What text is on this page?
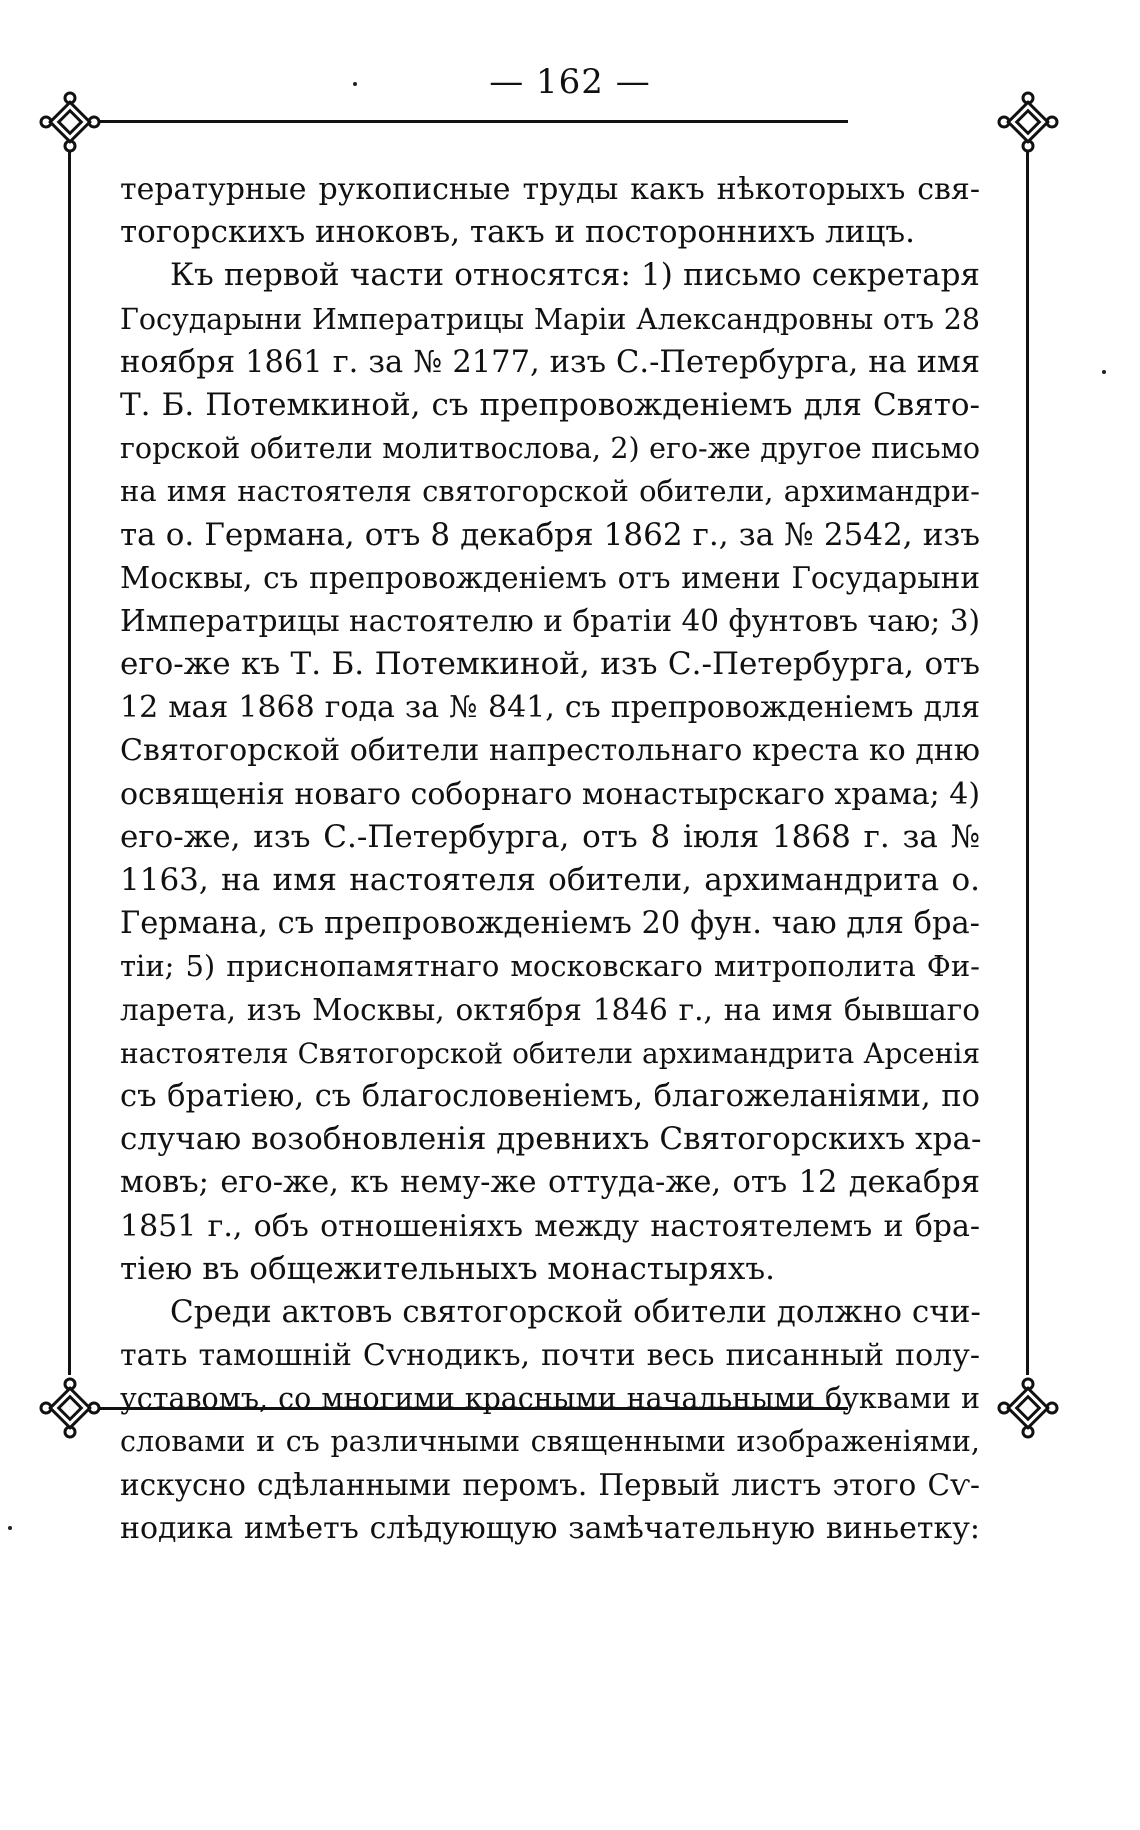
— 162 —
тературные рукописные труды какъ нѣкоторыхъ свя-
тогорскихъ иноковъ, такъ и постороннихъ лицъ.
Къ первой части относятся: 1) письмо секретаря
Государыни Императрицы Маріи Александровны отъ 28
ноября 1861 г. за № 2177, изъ С.-Петербурга, на имя
Т. Б. Потемкиной, съ препровожденіемъ для Свято-
горской обители молитвослова, 2) его-же другое письмо
на имя настоятеля святогорской обители, архимандри-
та о. Германа, отъ 8 декабря 1862 г., за № 2542, изъ
Москвы, съ препровожденіемъ отъ имени Государыни
Императрицы настоятелю и братіи 40 фунтовъ чаю; 3)
его-же къ Т. Б. Потемкиной, изъ С.-Петербурга, отъ
12 мая 1868 года за № 841, съ препровожденіемъ для
Святогорской обители напрестольнаго креста ко дню
освященія новаго соборнаго монастырскаго храма; 4)
его-же, изъ С.-Петербурга, отъ 8 іюля 1868 г. за №
1163, на имя настоятеля обители, архимандрита о.
Германа, съ препровожденіемъ 20 фун. чаю для бра-
тіи; 5) приснопамятнаго московскаго митрополита Фи-
ларета, изъ Москвы, октября 1846 г., на имя бывшаго
настоятеля Святогорской обители архимандрита Арсенія
съ братіею, съ благословеніемъ, благожеланіями, по
случаю возобновленія древнихъ Святогорскихъ хра-
мовъ; его-же, къ нему-же оттуда-же, отъ 12 декабря
1851 г., объ отношеніяхъ между настоятелемъ и бра-
тіею въ общежительныхъ монастыряхъ.
Среди актовъ святогорской обители должно счи-
тать тамошній Сѵнодикъ, почти весь писанный полу-
уставомъ, со многими красными начальными буквами и
словами и съ различными священными изображеніями,
искусно сдѣланными перомъ. Первый листъ этого Сѵ-
нодика имѣетъ слѣдующую замѣчательную виньетку:
